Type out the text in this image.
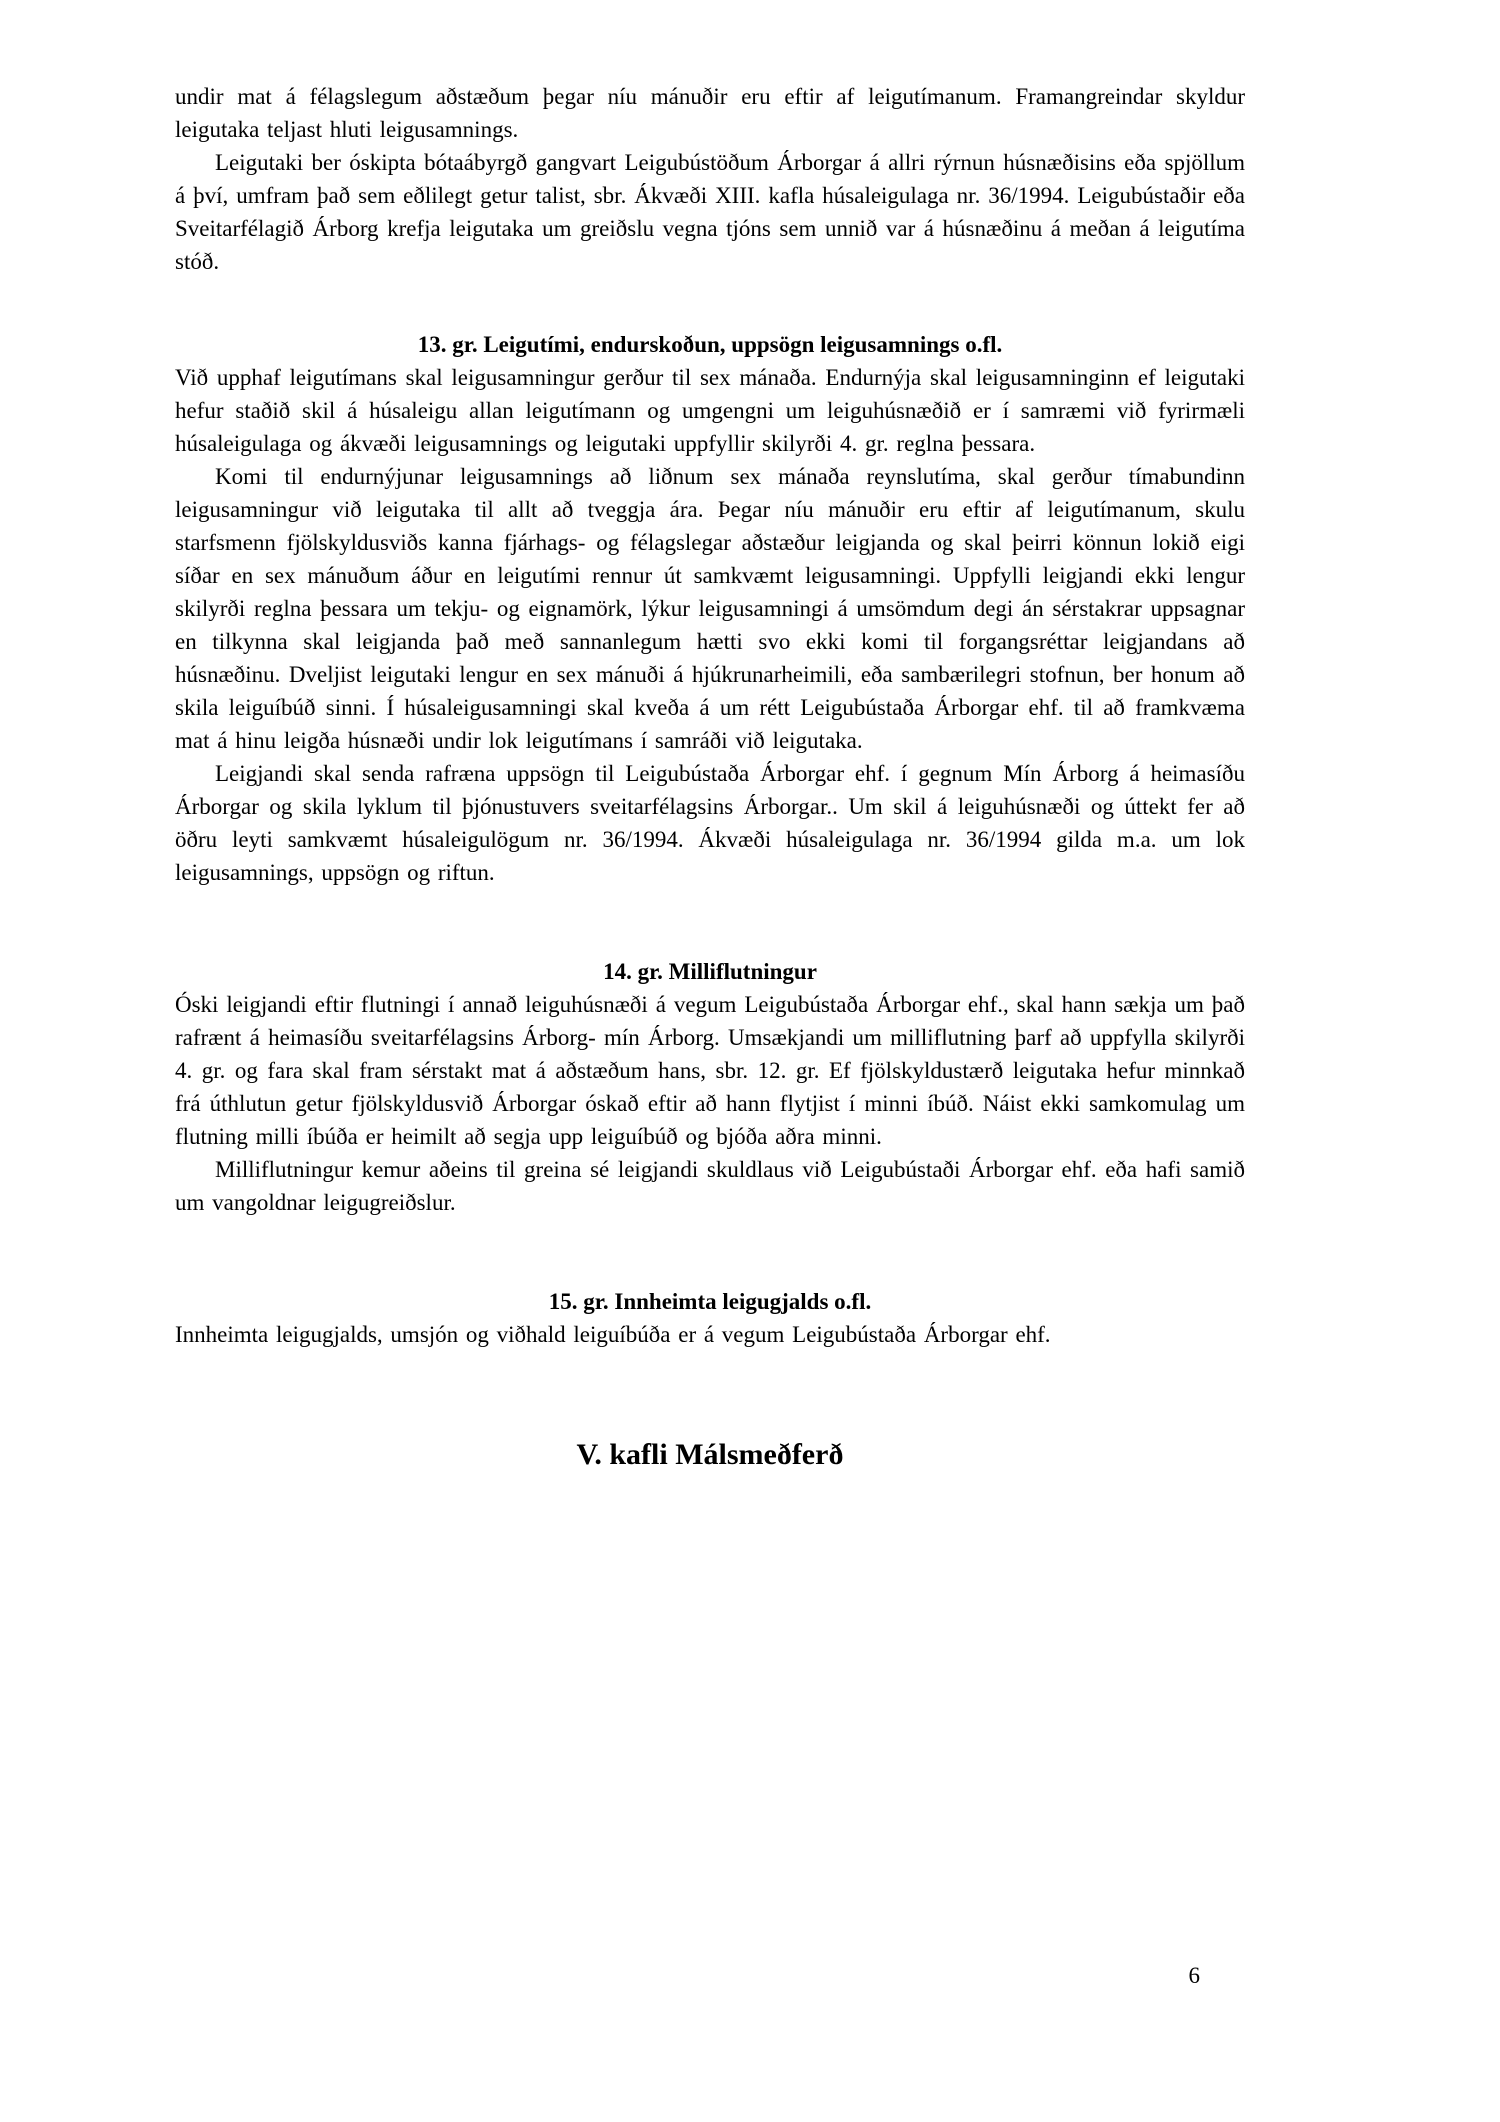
undir mat á félagslegum aðstæðum þegar níu mánuðir eru eftir af leigutímanum. Framangreindar skyldur leigutaka teljast hluti leigusamnings.

Leigutaki ber óskipta bótaábyrgð gangvart Leigubústöðum Árborgar á allri rýrnun húsnæðisins eða spjöllum á því, umfram það sem eðlilegt getur talist, sbr. Ákvæði XIII. kafla húsaleigulaga nr. 36/1994. Leigubústaðir eða Sveitarfélagið Árborg krefja leigutaka um greiðslu vegna tjóns sem unnið var á húsnæðinu á meðan á leigutíma stóð.

13. gr. Leigutími, endurskoðun, uppsögn leigusamnings o.fl.

Við upphaf leigutímans skal leigusamningur gerður til sex mánaða. Endurnýja skal leigusamninginn ef leigutaki hefur staðið skil á húsaleigu allan leigutímann og umgengni um leiguhúsnæðið er í samræmi við fyrirmæli húsaleigulaga og ákvæði leigusamnings og leigutaki uppfyllir skilyrði 4. gr. reglna þessara.

Komi til endurnýjunar leigusamnings að liðnum sex mánaða reynslutíma, skal gerður tímabundinn leigusamningur við leigutaka til allt að tveggja ára. Þegar níu mánuðir eru eftir af leigutímanum, skulu starfsmenn fjölskyldusviðs kanna fjárhags- og félagslegar aðstæður leigjanda og skal þeirri könnun lokið eigi síðar en sex mánuðum áður en leigutími rennur út samkvæmt leigusamningi. Uppfylli leigjandi ekki lengur skilyrði reglna þessara um tekju- og eignamörk, lýkur leigusamningi á umsömdum degi án sérstakrar uppsagnar en tilkynna skal leigjanda það með sannanlegum hætti svo ekki komi til forgangsréttar leigjandans að húsnæðinu. Dveljist leigutaki lengur en sex mánuði á hjúkrunarheimili, eða sambærilegri stofnun, ber honum að skila leiguíbúð sinni. Í húsaleigusamningi skal kveða á um rétt Leigubústaða Árborgar ehf. til að framkvæma mat á hinu leigða húsnæði undir lok leigutímans í samráði við leigutaka.

Leigjandi skal senda rafræna uppsögn til Leigubústaða Árborgar ehf. í gegnum Mín Árborg á heimasíðu Árborgar og skila lyklum til þjónustuvers sveitarfélagsins Árborgar.. Um skil á leiguhúsnæði og úttekt fer að öðru leyti samkvæmt húsaleigulögum nr. 36/1994. Ákvæði húsaleigulaga nr. 36/1994 gilda m.a. um lok leigusamnings, uppsögn og riftun.

14. gr. Milliflutningur

Óski leigjandi eftir flutningi í annað leiguhúsnæði á vegum Leigubústaða Árborgar ehf., skal hann sækja um það rafrænt á heimasíðu sveitarfélagsins Árborg- mín Árborg. Umsækjandi um milliflutning þarf að uppfylla skilyrði 4. gr. og fara skal fram sérstakt mat á aðstæðum hans, sbr. 12. gr. Ef fjölskyldustærð leigutaka hefur minnkað frá úthlutun getur fjölskyldusvið Árborgar óskað eftir að hann flytjist í minni íbúð. Náist ekki samkomulag um flutning milli íbúða er heimilt að segja upp leiguíbúð og bjóða aðra minni.

Milliflutningur kemur aðeins til greina sé leigjandi skuldlaus við Leigubústaði Árborgar ehf. eða hafi samið um vangoldnar leigugreiðslur.

15. gr. Innheimta leigugjalds o.fl.

Innheimta leigugjalds, umsjón og viðhald leiguíbúða er á vegum Leigubústaða Árborgar ehf.

V. kafli Málsmeðferð

6
